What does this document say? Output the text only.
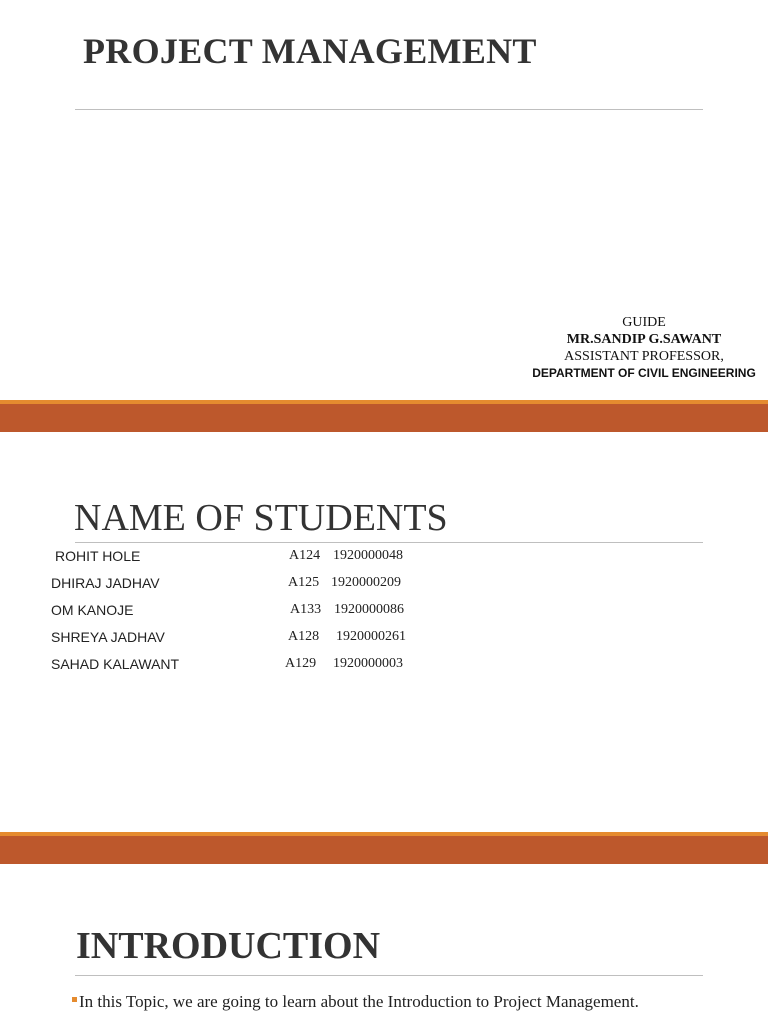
PROJECT MANAGEMENT
GUIDE
MR.SANDIP G.SAWANT
ASSISTANT PROFESSOR,
DEPARTMENT OF CIVIL ENGINEERING
NAME OF STUDENTS
ROHIT HOLE	A124 1920000048
DHIRAJ JADHAV	A125 1920000209
OM KANOJE	A133 1920000086
SHREYA JADHAV	A128 1920000261
SAHAD KALAWANT	A129 1920000003
INTRODUCTION
In this Topic, we are going to learn about the Introduction to Project Management.
